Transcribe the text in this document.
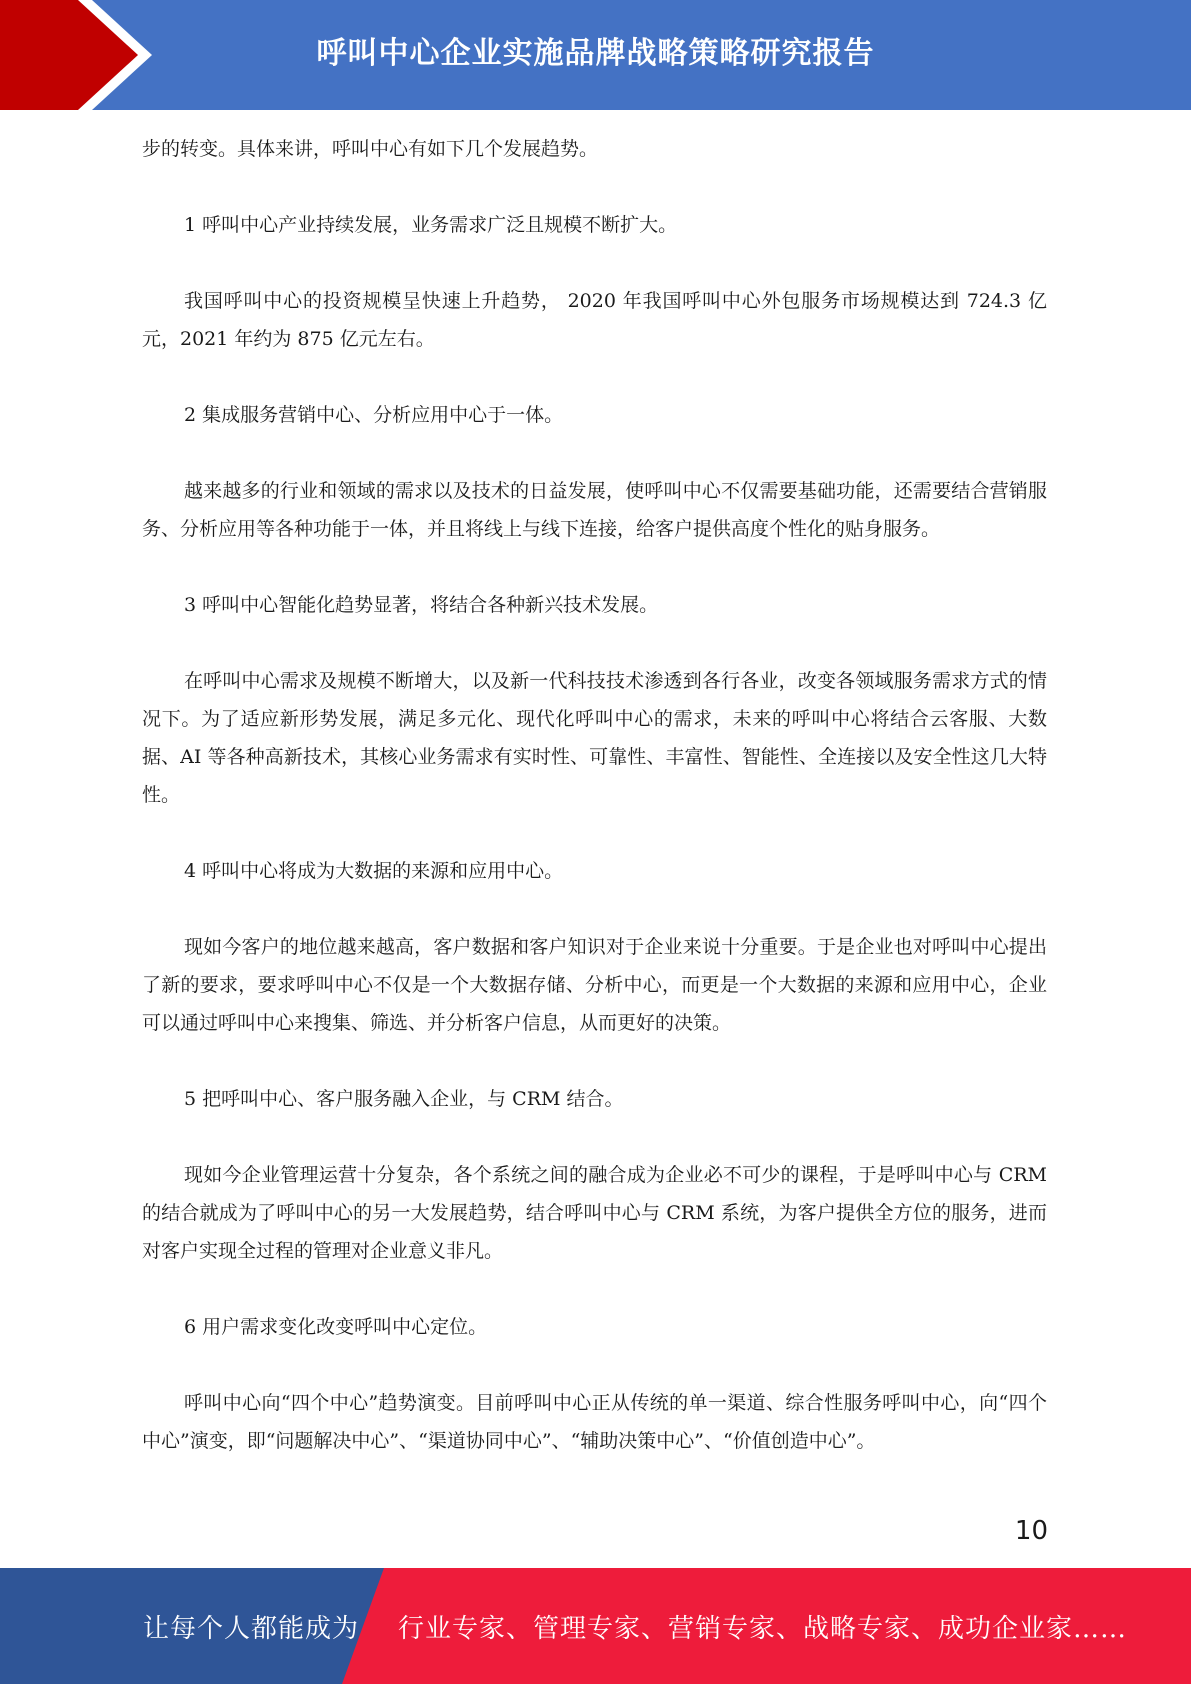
呼叫中心企业实施品牌战略策略研究报告

步的转变。具体来讲，呼叫中心有如下几个发展趋势。

1 呼叫中心产业持续发展，业务需求广泛且规模不断扩大。

我国呼叫中心的投资规模呈快速上升趋势， 2020 年我国呼叫中心外包服务市场规模达到 724.3 亿元，2021 年约为 875 亿元左右。

2 集成服务营销中心、分析应用中心于一体。

越来越多的行业和领域的需求以及技术的日益发展，使呼叫中心不仅需要基础功能，还需要结合营销服务、分析应用等各种功能于一体，并且将线上与线下连接，给客户提供高度个性化的贴身服务。

3 呼叫中心智能化趋势显著，将结合各种新兴技术发展。

在呼叫中心需求及规模不断增大，以及新一代科技技术渗透到各行各业，改变各领域服务需求方式的情况下。为了适应新形势发展，满足多元化、现代化呼叫中心的需求，未来的呼叫中心将结合云客服、大数据、AI 等各种高新技术，其核心业务需求有实时性、可靠性、丰富性、智能性、全连接以及安全性这几大特性。

4 呼叫中心将成为大数据的来源和应用中心。

现如今客户的地位越来越高，客户数据和客户知识对于企业来说十分重要。于是企业也对呼叫中心提出了新的要求，要求呼叫中心不仅是一个大数据存储、分析中心，而更是一个大数据的来源和应用中心，企业可以通过呼叫中心来搜集、筛选、并分析客户信息，从而更好的决策。

5 把呼叫中心、客户服务融入企业，与 CRM 结合。

现如今企业管理运营十分复杂，各个系统之间的融合成为企业必不可少的课程，于是呼叫中心与 CRM 的结合就成为了呼叫中心的另一大发展趋势，结合呼叫中心与 CRM 系统，为客户提供全方位的服务，进而对客户实现全过程的管理对企业意义非凡。

6 用户需求变化改变呼叫中心定位。

呼叫中心向“四个中心”趋势演变。目前呼叫中心正从传统的单一渠道、综合性服务呼叫中心，向“四个中心”演变，即“问题解决中心”、“渠道协同中心”、“辅助决策中心”、“价值创造中心”。

10
让每个人都能成为 行业专家、管理专家、营销专家、战略专家、成功企业家……
